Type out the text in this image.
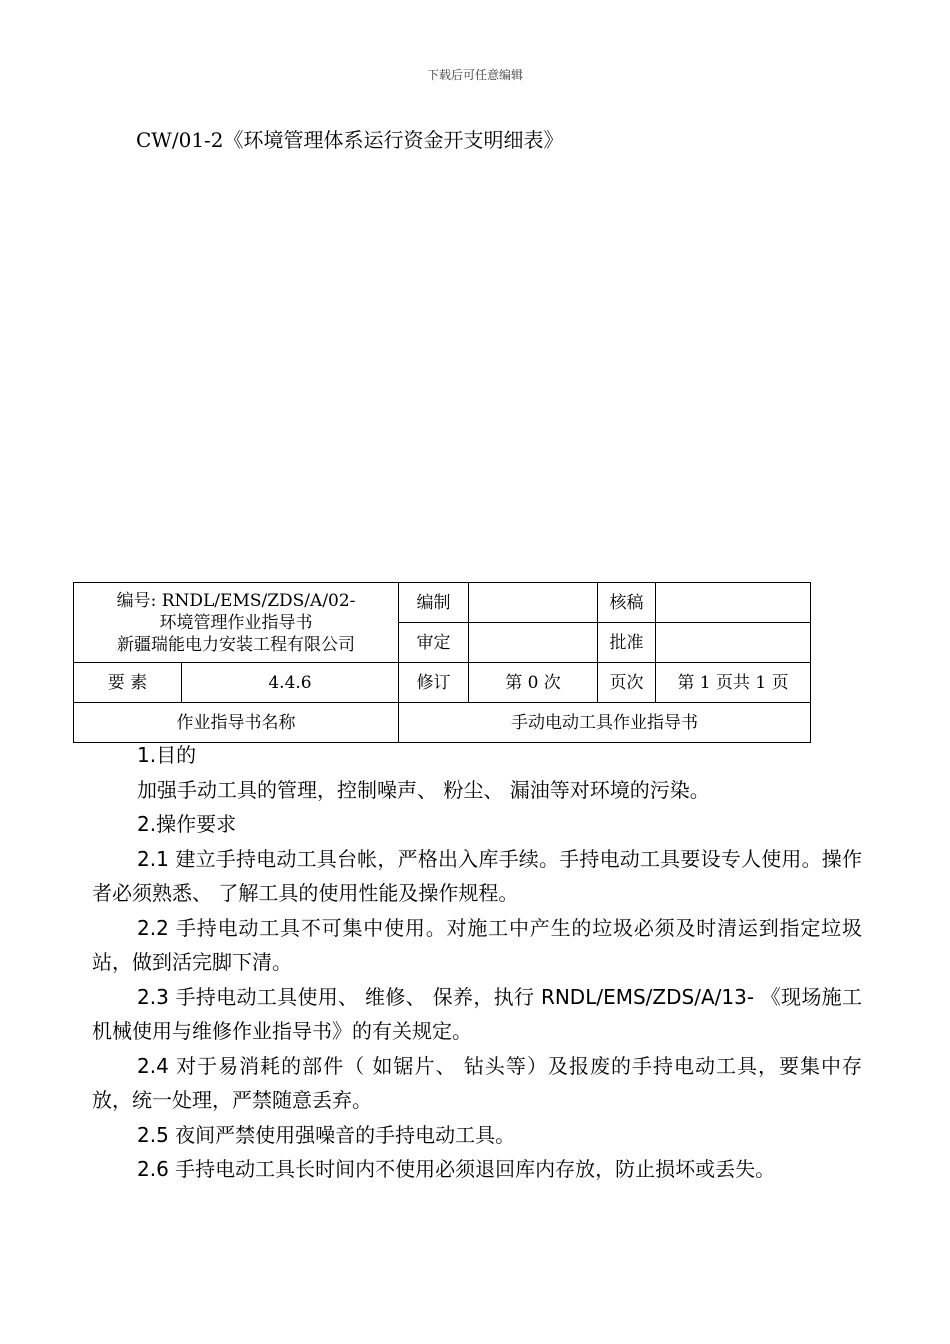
下载后可任意编辑
CW/01-2《环境管理体系运行资金开支明细表》
编号: RNDL/EMS/ZDS/A/02-
环境管理作业指导书
新疆瑞能电力安装工程有限公司		编制		核稿	
		审定		批准	
要 素	4.4.6	修订	第 0 次	页次	第 1 页共 1 页
作业指导书名称		手动电动工具作业指导书			

1.目的

加强手动工具的管理，控制噪声、 粉尘、 漏油等对环境的污染。

2.操作要求

2.1 建立手持电动工具台帐，严格出入库手续。手持电动工具要设专人使用。操作者必须熟悉、 了解工具的使用性能及操作规程。

2.2 手持电动工具不可集中使用。对施工中产生的垃圾必须及时清运到指定垃圾站，做到活完脚下清。

2.3 手持电动工具使用、 维修、 保养，执行 RNDL/EMS/ZDS/A/13- 《现场施工机械使用与维修作业指导书》的有关规定。

2.4 对于易消耗的部件（ 如锯片、 钻头等）及报废的手持电动工具，要集中存放，统一处理，严禁随意丢弃。

2.5 夜间严禁使用强噪音的手持电动工具。

2.6 手持电动工具长时间内不使用必须退回库内存放，防止损坏或丢失。
